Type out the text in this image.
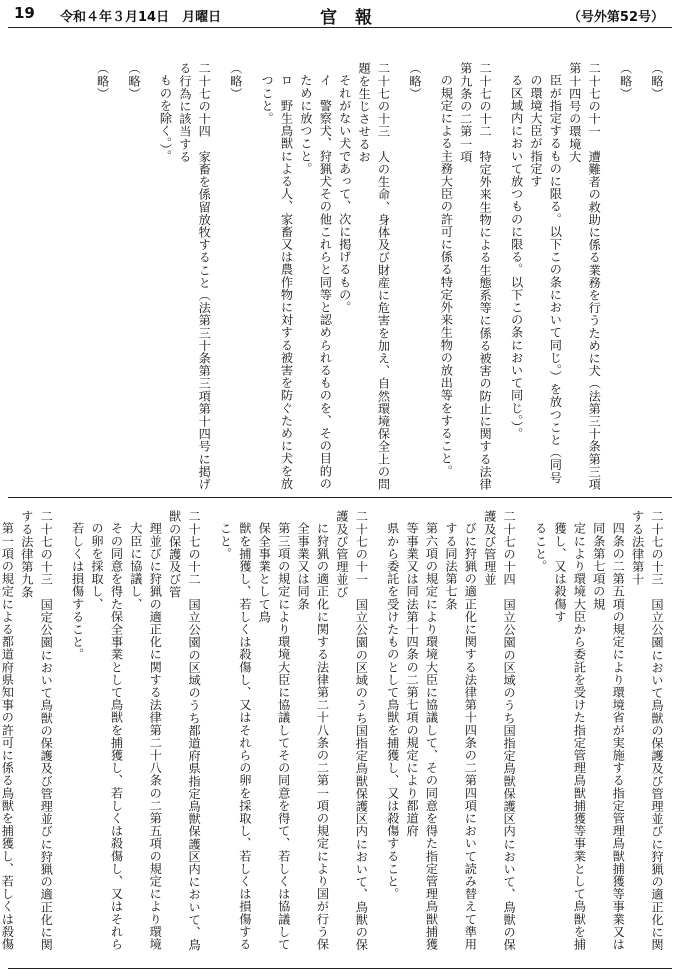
19 令和４年３月14日　月曜日	官報	（号外第52号）
（略）
（略）
二十七の十一　遭難者の救助に係る業務を行うために犬（法第三十条第三項第十四号の環境大
臣が指定するものに限る。以下この条において同じ。）を放つこと（同号の環境大臣が指定す
る区域内において放つものに限る。以下この条において同じ。）。
二十七の十二　特定外来生物による生態系等に係る被害の防止に関する法律第九条の二第一項
の規定による主務大臣の許可に係る特定外来生物の放出等をすること。
（略）
二十七の十三　人の生命、身体及び財産に危害を加え、自然環境保全上の問題を生じさせるお
それがない犬であって、次に掲げるもの。
イ　警察犬、狩猟犬その他これらと同等と認められるものを、その目的のために放つこと。
ロ　野生鳥獣による人、家畜又は農作物に対する被害を防ぐために犬を放つこと。
（略）
二十七の十四　家畜を係留放牧すること（法第三十条第三項第十四号に掲げる行為に該当する
ものを除く。）。
（略）
（略）
二十七の十三　国立公園において鳥獣の保護及び管理並びに狩猟の適正化に関する法律第十
四条の二第五項の規定により環境省が実施する指定管理鳥獣捕獲等事業又は同条第七項の規
定により環境大臣から委託を受けた指定管理鳥獣捕獲等事業として鳥獣を捕獲し、又は殺傷す
ること。
二十七の十四　国立公園の区域のうち国指定鳥獣保護区内において、鳥獣の保護及び管理並
びに狩猟の適正化に関する法律第十四条の二第四項において読み替えて準用する同法第七条
第六項の規定により環境大臣に協議して、その同意を得た指定管理鳥獣捕獲等事業又は同法第十四条の二第七項の規定により都道府
県から委託を受けたものとして鳥獣を捕獲し、又は殺傷すること。
二十七の十一　国立公園の区域のうち国指定鳥獣保護区内において、鳥獣の保護及び管理並び
に狩猟の適正化に関する法律第二十八条の二第一項の規定により国が行う保全事業又は同条
第三項の規定により環境大臣に協議してその同意を得て、若しくは協議して保全事業として鳥
獣を捕獲し、若しくは殺傷し、又はそれらの卵を採取し、若しくは損傷すること。
二十七の十二　国立公園の区域のうち都道府県指定鳥獣保護区内において、鳥獣の保護及び管
理並びに狩猟の適正化に関する法律第二十八条の二第五項の規定により環境大臣に協議し、
その同意を得た保全事業として鳥獣を捕獲し、若しくは殺傷し、又はそれらの卵を採取し、
若しくは損傷すること。
二十七の十三　国定公園において鳥獣の保護及び管理並びに狩猟の適正化に関する法律第九条
第一項の規定による都道府県知事の許可に係る鳥獣を捕獲し、若しくは殺傷
